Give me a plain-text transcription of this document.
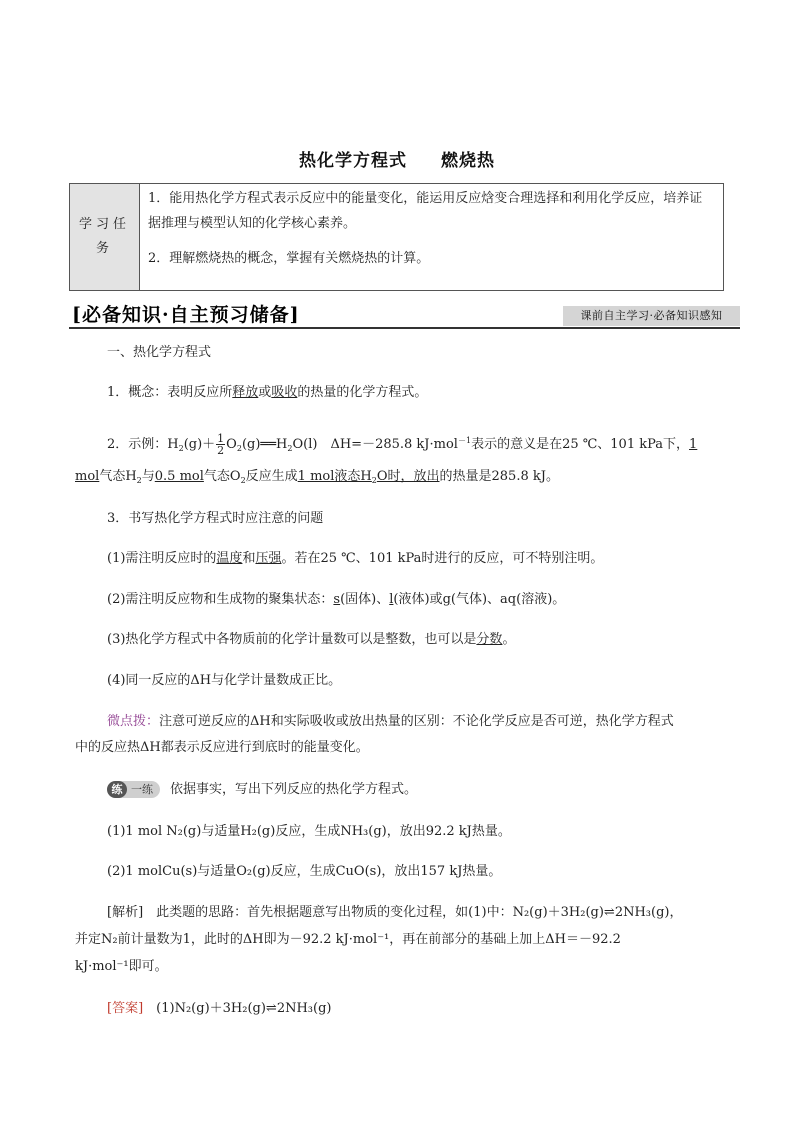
热化学方程式 燃烧热
学习任务

1．能用热化学方程式表示反应中的能量变化，能运用反应焓变合理选择和利用化学反应，培养证据推理与模型认知的化学核心素养。

2．理解燃烧热的概念，掌握有关燃烧热的计算。

[必备知识·自主预习储备]	课前自主学习·必备知识感知
一、热化学方程式
1．概念：表明反应所释放或吸收的热量的化学方程式。
2．示例：$H_2(g)+ \frac{1}{2}$ $O_2(g)══H_2O(l)$　ΔH=－285.8 kJ·mol$^{-1}$表示的意义是在25 ℃、101 kPa下，1
mol气态$H_2$与0.5 mol气态$O_2$反应生成1 mol液态$H_2O$时，放出的热量是285.8 kJ。
3．书写热化学方程式时应注意的问题
(1)需注明反应时的温度和压强。若在25 ℃、101 kPa时进行的反应，可不特别注明。
(2)需注明反应物和生成物的聚集状态：s(固体)、l(液体)或g(气体)、aq(溶液)。
(3)热化学方程式中各物质前的化学计量数可以是整数，也可以是分数。
(4)同一反应的ΔH与化学计量数成正比。
微点拨：注意可逆反应的ΔH和实际吸收或放出热量的区别：不论化学反应是否可逆，热化学方程式
中的反应热ΔH都表示反应进行到底时的能量变化。
练 一练 依据事实，写出下列反应的热化学方程式。
(1)1 mol N₂(g)与适量H₂(g)反应，生成NH₃(g)，放出92.2 kJ热量。
(2)1 molCu(s)与适量O₂(g)反应，生成CuO(s)，放出157 kJ热量。
[解析]　 此类题的思路：首先根据题意写出物质的变化过程，如(1)中：N₂(g)＋3H₂(g)⇌2NH₃(g)，
并定N₂前计量数为1，此时的ΔH即为－92.2 kJ·mol⁻¹，再在前部分的基础上加上ΔH＝－92.2
kJ·mol⁻¹即可。
[答案]　 (1)N₂(g)＋3H₂(g)⇌2NH₃(g)
